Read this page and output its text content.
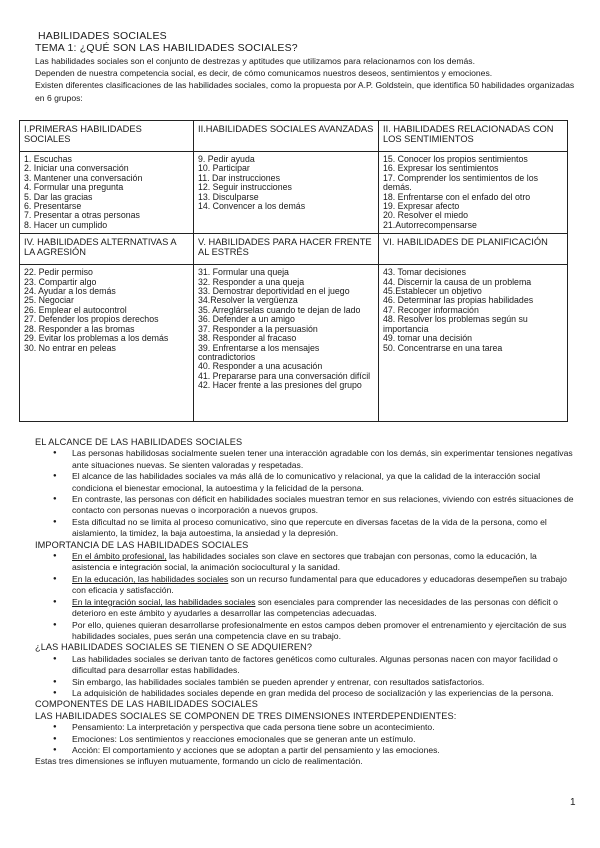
HABILIDADES SOCIALES
TEMA 1: ¿QUÉ SON LAS HABILIDADES SOCIALES?

Las habilidades sociales son el conjunto de destrezas y aptitudes que utilizamos para relacionarnos con los demás.

Dependen de nuestra competencia social, es decir, de cómo comunicamos nuestros deseos, sentimientos y emociones.

Existen diferentes clasificaciones de las habilidades sociales, como la propuesta por A.P. Goldstein, que identifica 50 habilidades organizadas en 6 grupos:

I.PRIMERAS HABILIDADES SOCIALES	II.HABILIDADES SOCIALES AVANZADAS	II. HABILIDADES RELACIONADAS CON LOS SENTIMIENTOS

1. Escuchas
2. Iniciar una conversación
3. Mantener una conversación
4. Formular una pregunta
5. Dar las gracias
6. Presentarse
7. Presentar a otras personas
8. Hacer un cumplido

9. Pedir ayuda
10. Participar
11. Dar instrucciones
12. Seguir instrucciones
13. Disculparse
14. Convencer a los demás

15. Conocer los propios sentimientos
16. Expresar los sentimientos
17. Comprender los sentimientos de los demás.
18. Enfrentarse con el enfado del otro
19. Expresar afecto
20. Resolver el miedo
21.Autorrecompensarse

IV. HABILIDADES ALTERNATIVAS A LA AGRESIÓN	V. HABILIDADES PARA HACER FRENTE AL ESTRÉS	VI. HABILIDADES DE PLANIFICACIÓN

22. Pedir permiso
23. Compartir algo
24. Ayudar a los demás
25. Negociar
26. Emplear el autocontrol
27. Defender los propios derechos
28. Responder a las bromas
29. Evitar los problemas a los demás
30. No entrar en peleas

31. Formular una queja
32. Responder a una queja
33. Demostrar deportividad en el juego
34.Resolver la vergüenza
35. Arreglárselas cuando te dejan de lado
36. Defender a un amigo
37. Responder a la persuasión
38. Responder al fracaso
39. Enfrentarse a los mensajes contradictorios
40. Responder a una acusación
41. Prepararse para una conversación difícil
42. Hacer frente a las presiones del grupo

43. Tomar decisiones
44. Discernir la causa de un problema
45.Establecer un objetivo
46. Determinar las propias habilidades
47. Recoger información
48. Resolver los problemas según su importancia
49. tomar una decisión
50. Concentrarse en una tarea
EL ALCANCE DE LAS HABILIDADES SOCIALES
● Las personas habilidosas socialmente suelen tener una interacción agradable con los demás, sin experimentar tensiones negativas ante situaciones nuevas. Se sienten valoradas y respetadas.
● El alcance de las habilidades sociales va más allá de lo comunicativo y relacional, ya que la calidad de la interacción social condiciona el bienestar emocional, la autoestima y la felicidad de la persona.
● En contraste, las personas con déficit en habilidades sociales muestran temor en sus relaciones, viviendo con estrés situaciones de contacto con personas nuevas o incorporación a nuevos grupos.
● Esta dificultad no se limita al proceso comunicativo, sino que repercute en diversas facetas de la vida de la persona, como el aislamiento, la timidez, la baja autoestima, la ansiedad y la depresión.
IMPORTANCIA DE LAS HABILIDADES SOCIALES
● En el ámbito profesional, las habilidades sociales son clave en sectores que trabajan con personas, como la educación, la asistencia e integración social, la animación sociocultural y la sanidad.
● En la educación, las habilidades sociales son un recurso fundamental para que educadores y educadoras desempeñen su trabajo con eficacia y satisfacción.
● En la integración social, las habilidades sociales son esenciales para comprender las necesidades de las personas con déficit o deterioro en este ámbito y ayudarles a desarrollar las competencias adecuadas.
● Por ello, quienes quieran desarrollarse profesionalmente en estos campos deben promover el entrenamiento y ejercitación de sus habilidades sociales, pues serán una competencia clave en su trabajo.
¿LAS HABILIDADES SOCIALES SE TIENEN O SE ADQUIEREN?
● Las habilidades sociales se derivan tanto de factores genéticos como culturales. Algunas personas nacen con mayor facilidad o dificultad para desarrollar estas habilidades.
● Sin embargo, las habilidades sociales también se pueden aprender y entrenar, con resultados satisfactorios.
● La adquisición de habilidades sociales depende en gran medida del proceso de socialización y las experiencias de la persona.
COMPONENTES DE LAS HABILIDADES SOCIALES
LAS HABILIDADES SOCIALES SE COMPONEN DE TRES DIMENSIONES INTERDEPENDIENTES:
● Pensamiento: La interpretación y perspectiva que cada persona tiene sobre un acontecimiento.
● Emociones: Los sentimientos y reacciones emocionales que se generan ante un estímulo.
● Acción: El comportamiento y acciones que se adoptan a partir del pensamiento y las emociones.

Estas tres dimensiones se influyen mutuamente, formando un ciclo de realimentación.

1
